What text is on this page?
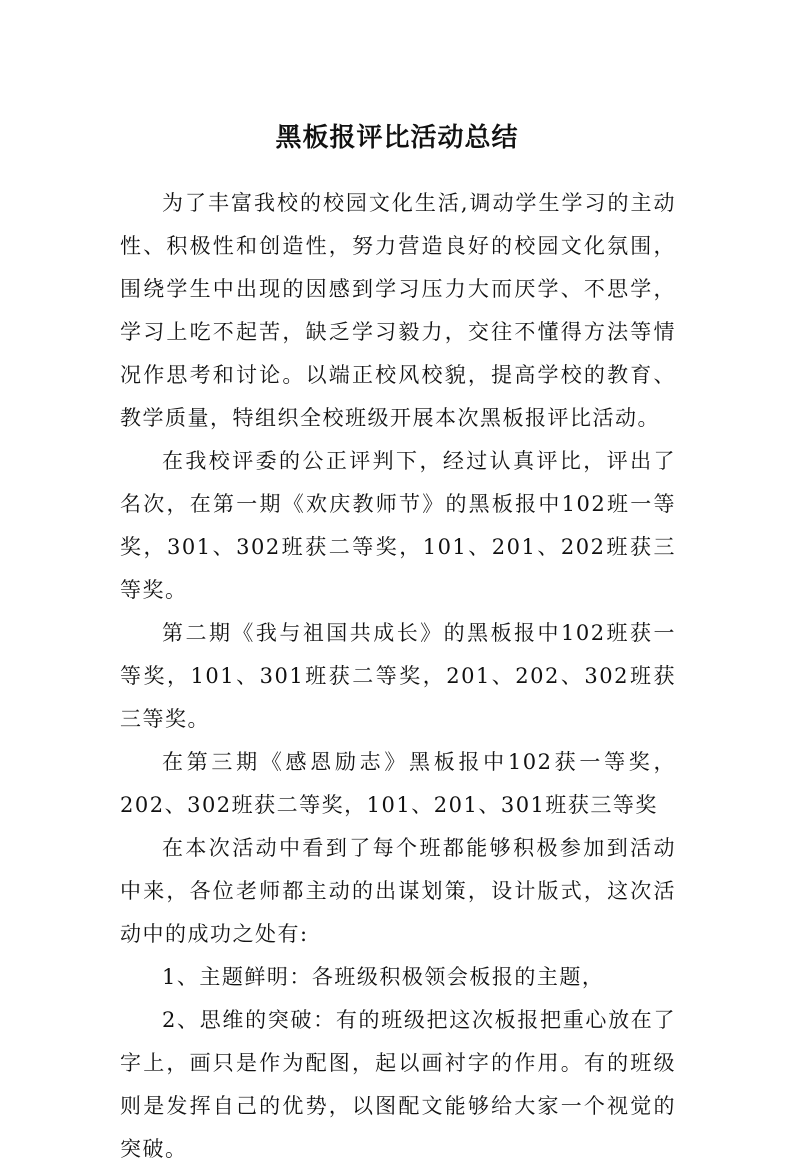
黑板报评比活动总结

为了丰富我校的校园文化生活,调动学生学习的主动性、积极性和创造性，努力营造良好的校园文化氛围，围绕学生中出现的因感到学习压力大而厌学、不思学，学习上吃不起苦，缺乏学习毅力，交往不懂得方法等情况作思考和讨论。以端正校风校貌，提高学校的教育、教学质量，特组织全校班级开展本次黑板报评比活动。

在我校评委的公正评判下，经过认真评比，评出了名次，在第一期《欢庆教师节》的黑板报中102班一等奖，301、302班获二等奖，101、201、202班获三等奖。

第二期《我与祖国共成长》的黑板报中102班获一等奖，101、301班获二等奖，201、202、302班获三等奖。

在第三期《感恩励志》黑板报中102获一等奖，202、302班获二等奖，101、201、301班获三等奖

在本次活动中看到了每个班都能够积极参加到活动中来，各位老师都主动的出谋划策，设计版式，这次活动中的成功之处有:

1、主题鲜明：各班级积极领会板报的主题，

2、思维的突破：有的班级把这次板报把重心放在了字上，画只是作为配图，起以画衬字的作用。有的班级则是发挥自己的优势，以图配文能够给大家一个视觉的突破。
